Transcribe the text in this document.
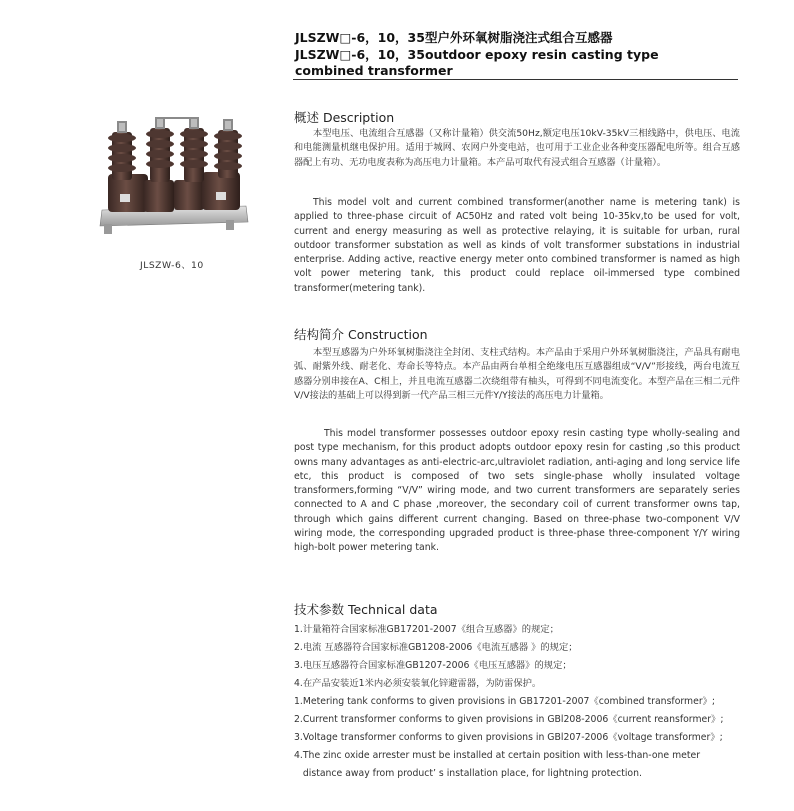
JLSZW□-6，10，35型户外环氧树脂浇注式组合互感器
JLSZW□-6，10，35outdoor epoxy resin casting type
combined transformer
JLSZW-6、10
概述 Description
本型电压、电流组合互感器（又称计量箱）供交流50Hz,额定电压10kV-35kV三相线路中，供电压、电流和电能测量机继电保护用。适用于城网、农网户外变电站，也可用于工业企业各种变压器配电所等。组合互感器配上有功、无功电度表称为高压电力计量箱。本产品可取代有浸式组合互感器（计量箱）。
This model volt and current combined transformer(another name is metering tank) is applied to three-phase circuit of AC50Hz and rated volt being 10-35kv,to be used for volt, current and energy measuring as well as protective relaying, it is suitable for urban, rural outdoor transformer substation as well as kinds of volt transformer substations in industrial enterprise. Adding active, reactive energy meter onto combined transformer is named as high volt power metering tank, this product could replace oil-immersed type combined transformer(metering tank).
结构简介 Construction
本型互感器为户外环氧树脂浇注全封闭、支柱式结构。本产品由于采用户外环氧树脂浇注，产品具有耐电弧、耐紫外线、耐老化、寿命长等特点。本产品由两台单相全绝缘电压互感器组成“V/V”形接线，两台电流互感器分别串接在A、C相上，并且电流互感器二次绕组带有柚头，可得到不同电流变化。本型产品在三相二元件V/V接法的基础上可以得到新一代产品三相三元件Y/Y接法的高压电力计量箱。
This model transformer possesses outdoor epoxy resin casting type wholly-sealing and post type mechanism, for this product adopts outdoor epoxy resin for casting ,so this product owns many advantages as anti-electric-arc,ultraviolet radiation, anti-aging and long service life etc, this product is composed of two sets single-phase wholly insulated voltage transformers,forming “V/V” wiring mode, and two current transformers are separately series connected to A and C phase ,moreover, the secondary coil of current transformer owns tap, through which gains different current changing. Based on three-phase two-component V/V wiring mode, the corresponding upgraded product is three-phase three-component Y/Y wiring high-bolt power metering tank.
技术参数 Technical data
1.计量箱符合国家标准GB17201-2007《组合互感器》的规定；
2.电流 互感器符合国家标准GB1208-2006《电流互感器 》的规定；
3.电压互感器符合国家标准GB1207-2006《电压互感器》的规定；
4.在产品安装近1米内必须安装氧化锌避雷器，为防雷保护。
1.Metering tank conforms to given provisions in GB17201-2007《combined transformer》;
2.Current transformer conforms to given provisions in GBl208-2006《current reansformer》;
3.Voltage transformer conforms to given provisions in GBl207-2006《voltage transformer》;
4.The zinc oxide arrester must be installed at certain position with less-than-one meter
distance away from product’ s installation place, for lightning protection.
